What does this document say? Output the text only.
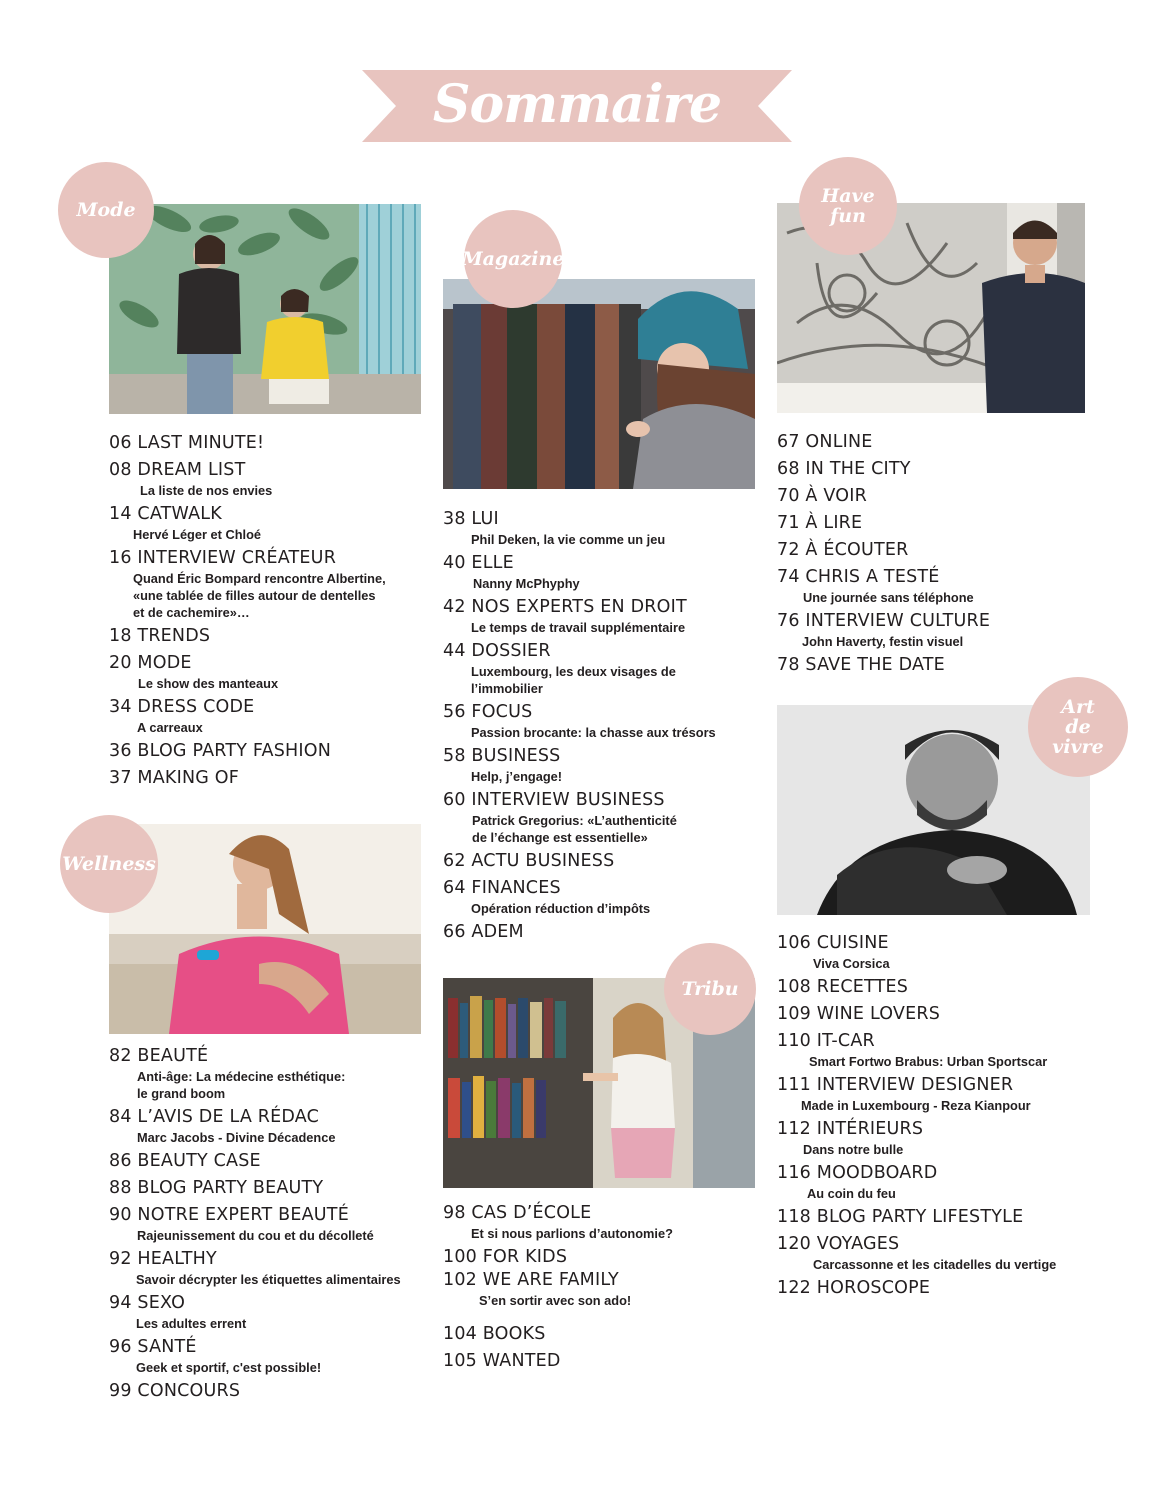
Sommaire
Mode
06 LAST MINUTE!
08 DREAM LIST
La liste de nos envies
14 CATWALK
Hervé Léger et Chloé
16 INTERVIEW CRÉATEUR
Quand Éric Bompard rencontre Albertine,
«une tablée de filles autour de dentelles
et de cachemire»…
18 TRENDS
20 MODE
Le show des manteaux
34 DRESS CODE
A carreaux
36 BLOG PARTY FASHION
37 MAKING OF
Wellness
82 BEAUTÉ
Anti-âge: La médecine esthétique:
le grand boom
84 L’AVIS DE LA RÉDAC
Marc Jacobs - Divine Décadence
86 BEAUTY CASE
88 BLOG PARTY BEAUTY
90 NOTRE EXPERT BEAUTÉ
Rajeunissement du cou et du décolleté
92 HEALTHY
Savoir décrypter les étiquettes alimentaires
94 SEXO
Les adultes errent
96 SANTÉ
Geek et sportif, c'est possible!
99 CONCOURS
Magazine
38 LUI
Phil Deken, la vie comme un jeu
40 ELLE
Nanny McPhyphy
42 NOS EXPERTS EN DROIT
Le temps de travail supplémentaire
44 DOSSIER
Luxembourg, les deux visages de
l’immobilier
56 FOCUS
Passion brocante: la chasse aux trésors
58 BUSINESS
Help, j’engage!
60 INTERVIEW BUSINESS
Patrick Gregorius: «L’authenticité
de l’échange est essentielle»
62 ACTU BUSINESS
64 FINANCES
Opération réduction d’impôts
66 ADEM
Tribu
98 CAS D’ÉCOLE
Et si nous parlions d’autonomie?
100 FOR KIDS
102 WE ARE FAMILY
S’en sortir avec son ado!
104 BOOKS
105 WANTED
Have
fun
67 ONLINE
68 IN THE CITY
70 À VOIR
71 À LIRE
72 À ÉCOUTER
74 CHRIS A TESTÉ
Une journée sans téléphone
76 INTERVIEW CULTURE
John Haverty, festin visuel
78 SAVE THE DATE
Art
de
vivre
106 CUISINE
Viva Corsica
108 RECETTES
109 WINE LOVERS
110 IT-CAR
Smart Fortwo Brabus: Urban Sportscar
111 INTERVIEW DESIGNER
Made in Luxembourg - Reza Kianpour
112 INTÉRIEURS
Dans notre bulle
116 MOODBOARD
Au coin du feu
118 BLOG PARTY LIFESTYLE
120 VOYAGES
Carcassonne et les citadelles du vertige
122 HOROSCOPE
